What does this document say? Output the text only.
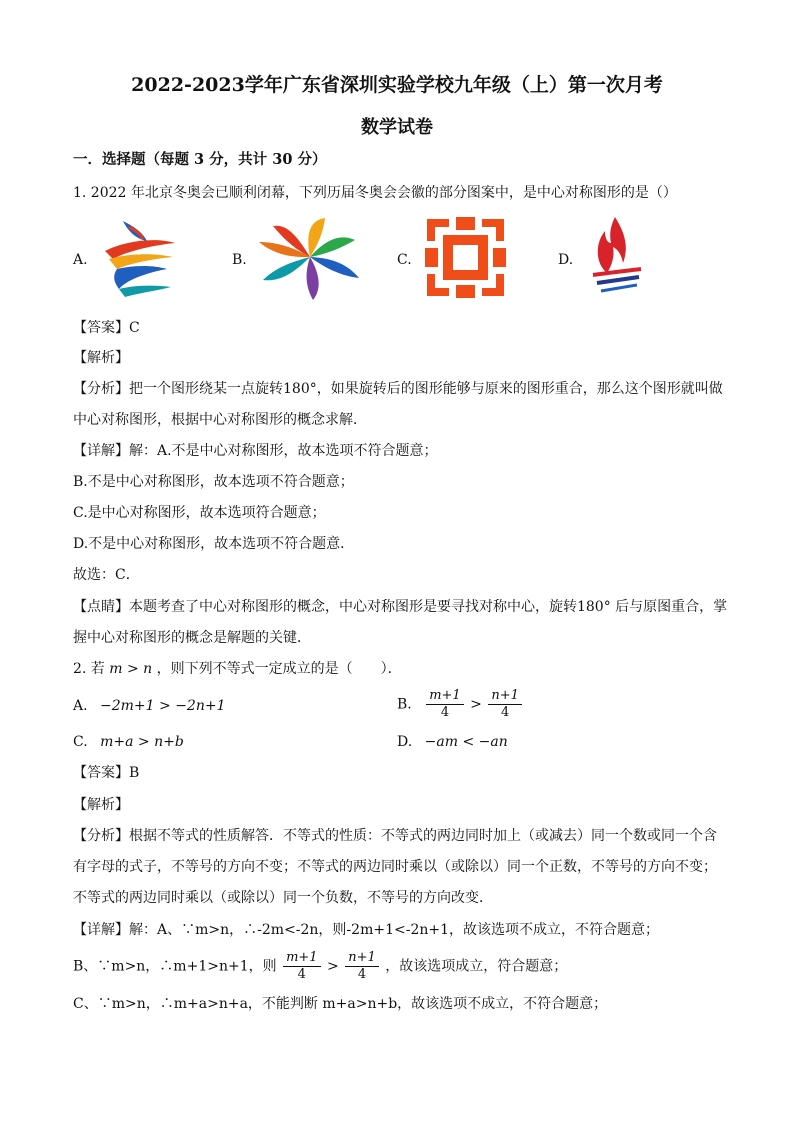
2022-2023学年广东省深圳实验学校九年级（上）第一次月考
数学试卷
一．选择题（每题 3 分，共计 30 分）
1. 2022 年北京冬奥会已顺利闭幕，下列历届冬奥会会徽的部分图案中，是中心对称图形的是（）
A.	B.	C.	D.
【答案】C
【解析】
【分析】把一个图形绕某一点旋转180°，如果旋转后的图形能够与原来的图形重合，那么这个图形就叫做
中心对称图形，根据中心对称图形的概念求解．
【详解】解：A.不是中心对称图形，故本选项不符合题意；
B.不是中心对称图形，故本选项不符合题意；
C.是中心对称图形，故本选项符合题意；
D.不是中心对称图形，故本选项不符合题意．
故选：C．
【点睛】本题考查了中心对称图形的概念，中心对称图形是要寻找对称中心，旋转180° 后与原图重合，掌
握中心对称图形的概念是解题的关键．
2. 若 m > n ，则下列不等式一定成立的是（　　）．
A. −2m+1 > −2n+1	B. $\frac{m+1}{4} > \frac{n+1}{4}$
C. m+a > n+b	D. −am < −an
【答案】B
【解析】
【分析】根据不等式的性质解答．不等式的性质：不等式的两边同时加上（或减去）同一个数或同一个含
有字母的式子，不等号的方向不变；不等式的两边同时乘以（或除以）同一个正数，不等号的方向不变；
不等式的两边同时乘以（或除以）同一个负数，不等号的方向改变．
【详解】解：A、∵m>n，∴-2m<-2n，则-2m+1<-2n+1，故该选项不成立，不符合题意；
B、∵m>n，∴m+1>n+1，则 $\frac{m+1}{4} > \frac{n+1}{4}$ ，故该选项成立，符合题意；
C、∵m>n，∴m+a>n+a，不能判断 m+a>n+b，故该选项不成立，不符合题意；
